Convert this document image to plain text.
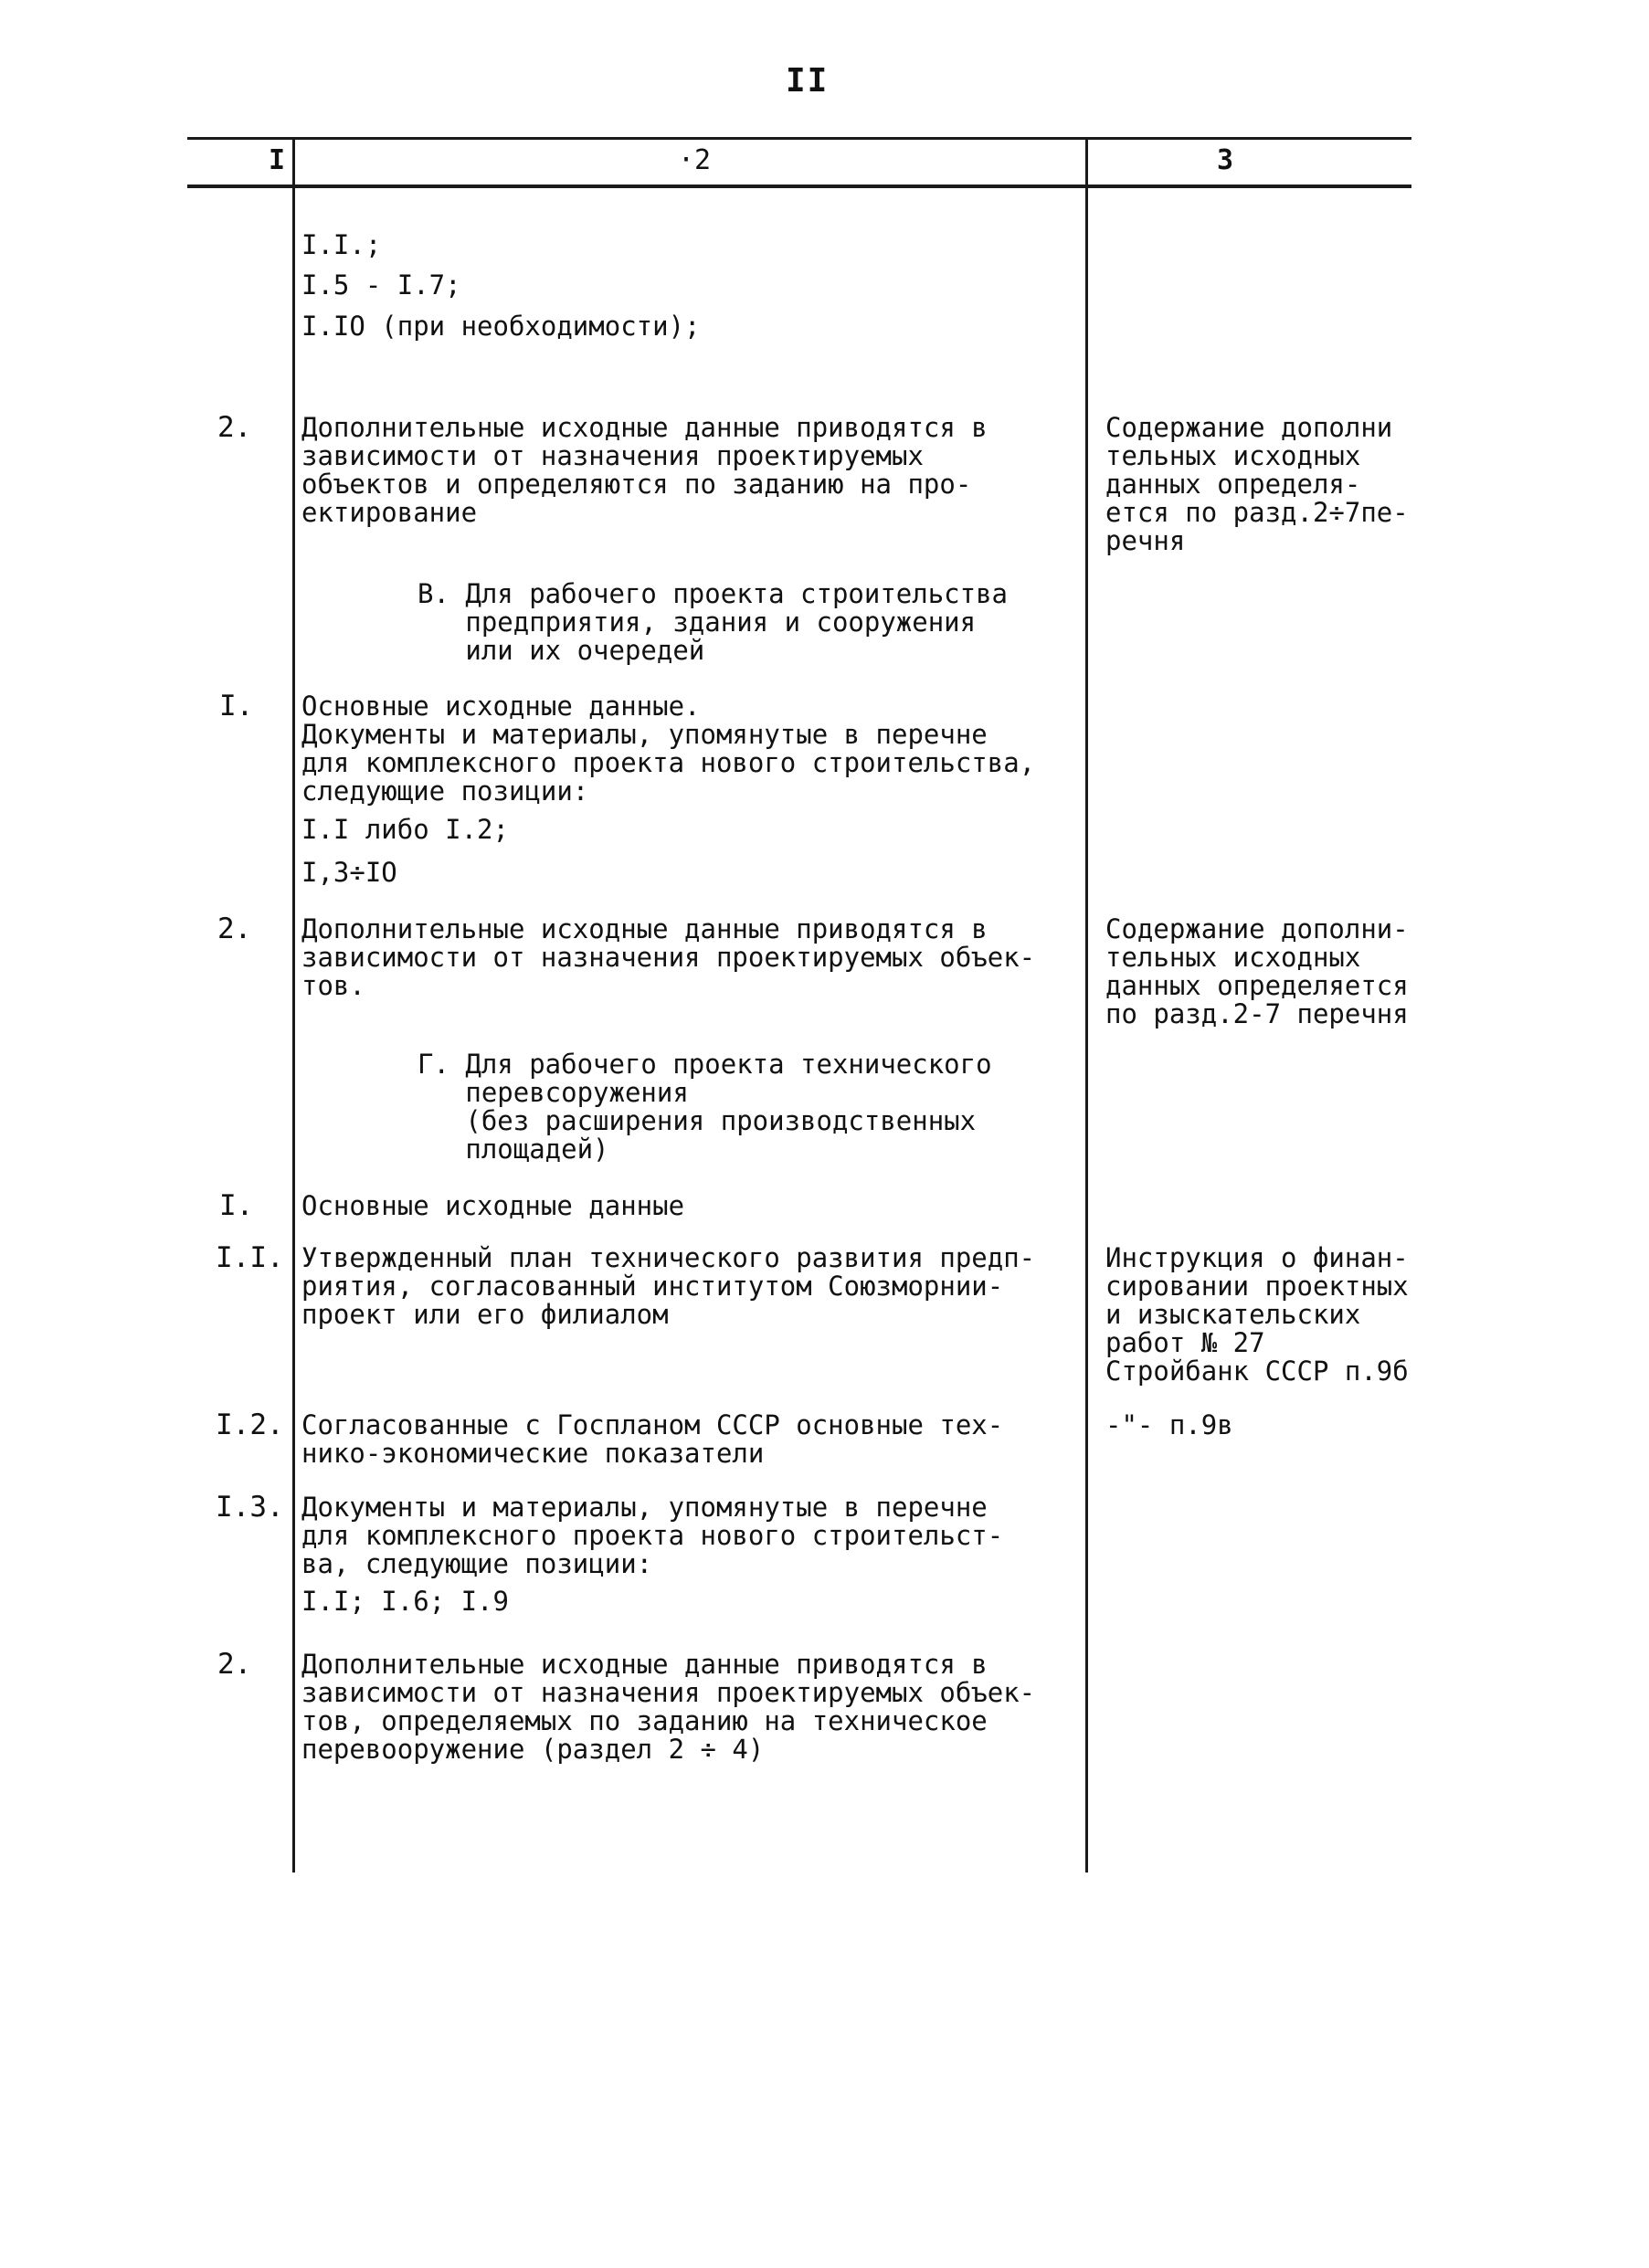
II
I	·2	3
I.I.;
I.5 - I.7;
I.IO (при необходимости);
2. Дополнительные исходные данные приводятся в
зависимости от назначения проектируемых
объектов и определяются по заданию на про-
ектирование
Содержание дополни
тельных исходных
данных определя-
ется по разд.2÷7пе-
речня
В. Для рабочего проекта строительства
предприятия, здания и сооружения
или их очередей
I. Основные исходные данные.
Документы и материалы, упомянутые в перечне
для комплексного проекта нового строительства,
следующие позиции:
I.I либо I.2;
I,3÷IO
2. Дополнительные исходные данные приводятся в
зависимости от назначения проектируемых объек-
тов.
Содержание дополни-
тельных исходных
данных определяется
по разд.2-7 перечня
Г. Для рабочего проекта технического
перевсоружения
(без расширения производственных
площадей)
I. Основные исходные данные
I.I. Утвержденный план технического развития предп-
риятия, согласованный институтом Союзморнии-
проект или его филиалом
Инструкция о финан-
сировании проектных
и изыскательских
работ № 27
Стройбанк СССР п.9б
I.2. Согласованные с Госпланом СССР основные тех-
нико-экономические показатели
-"- п.9в
I.3. Документы и материалы, упомянутые в перечне
для комплексного проекта нового строительст-
ва, следующие позиции:
I.I; I.6; I.9
2. Дополнительные исходные данные приводятся в
зависимости от назначения проектируемых объек-
тов, определяемых по заданию на техническое
перевооружение (раздел 2 ÷ 4)
